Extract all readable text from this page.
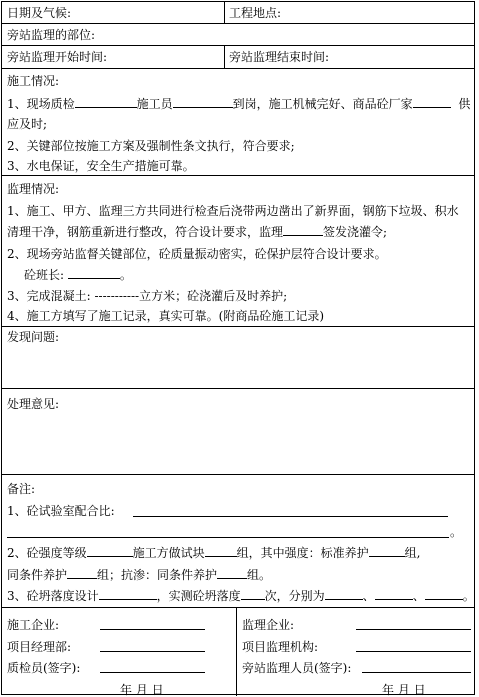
日期及气候:	工程地点:
旁站监理的部位:
旁站监理开始时间:	旁站监理结束时间:
施工情况:
1、现场质检	施工员	到岗，施工机械完好、商品砼厂家	供
应及时;
2、关键部位按施工方案及强制性条文执行，符合要求;
3、水电保证，安全生产措施可靠。
监理情况:
1、施工、甲方、监理三方共同进行检查后浇带两边凿出了新界面，钢筋下垃圾、积水
清理干净，钢筋重新进行整改，符合设计要求，监理	签发浇灌令;
2、现场旁站监督关键部位，砼质量振动密实，砼保护层符合设计要求。
砼班长:	。
3、完成混凝土: -----------立方米；砼浇灌后及时养护;
4、施工方填写了施工记录，真实可靠。(附商品砼施工记录)
发现问题:
处理意见:
备注:
1、砼试验室配合比:
。
2、砼强度等级	施工方做试块	组，其中强度：标准养护	组,
同条件养护	组；抗渗：同条件养护	组。
3、砼坍落度设计	，实测砼坍落度 次，分别为	、	、	。
施工企业:
项目经理部:
质检员(签字):
年 月 日
监理企业:
项目监理机构:
旁站监理人员(签字):
年 月 日
